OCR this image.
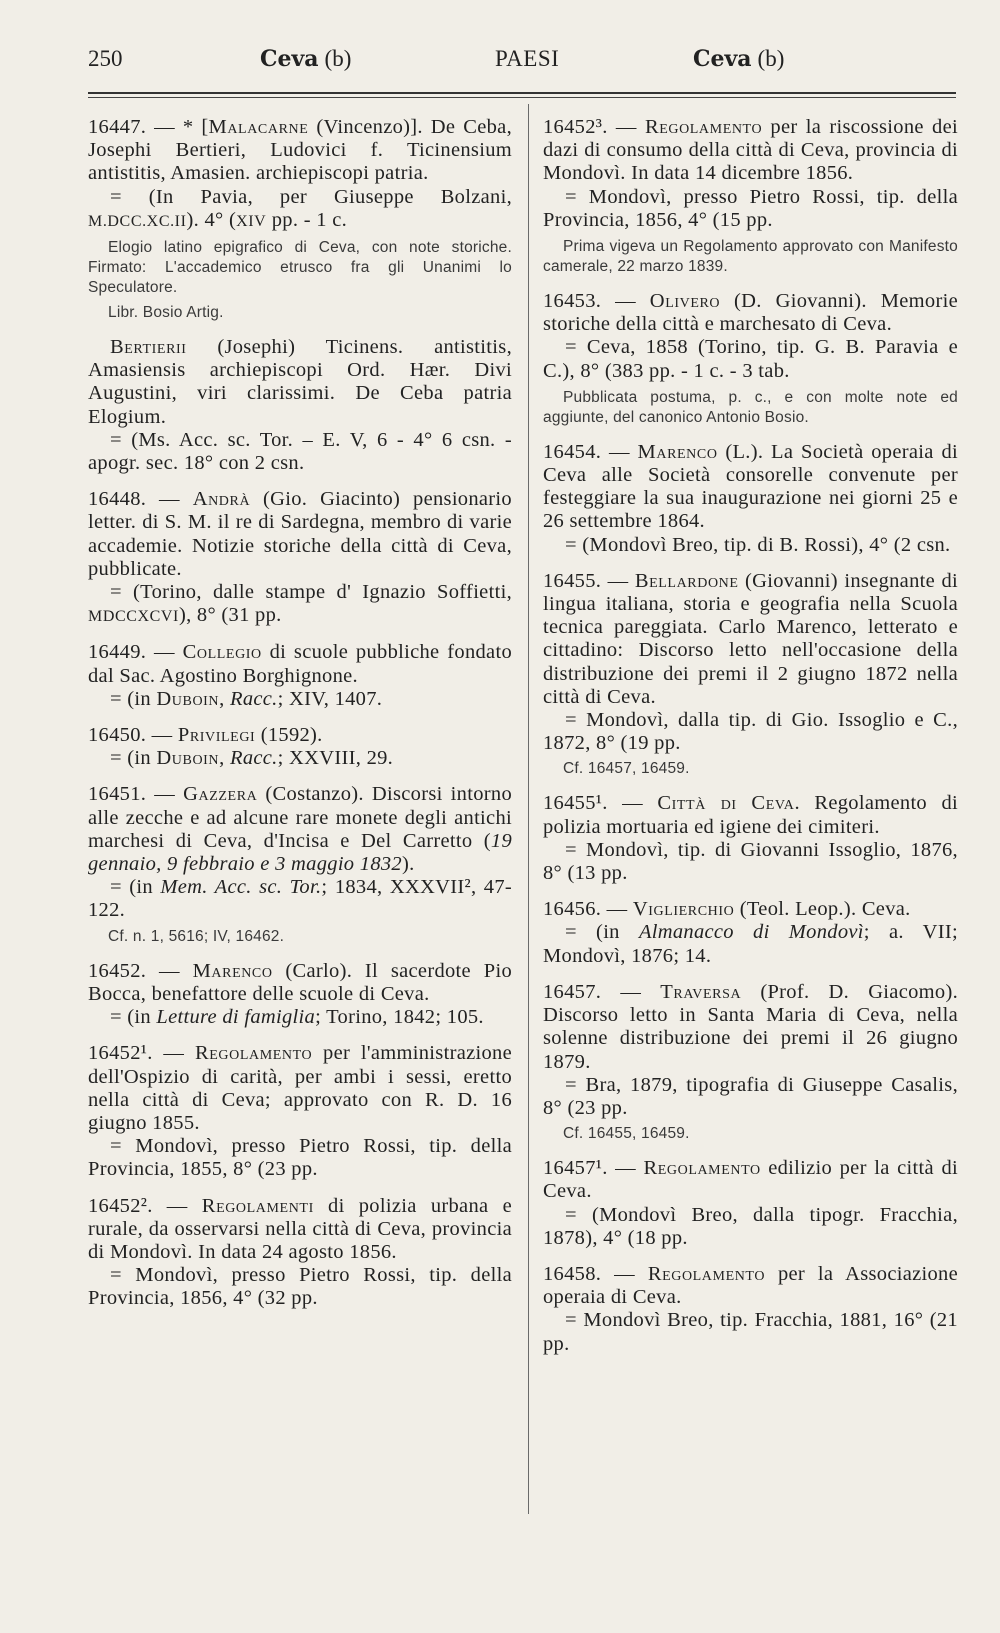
250	Ceva (b)	PAESI	Ceva (b)

16447. — * [Malacarne (Vincenzo)]. De Ceba, Josephi Bertieri, Ludovici f. Ticinensium antistitis, Amasien. archiepiscopi patria.

= (In Pavia, per Giuseppe Bolzani, M.DCC.XC.II). 4° (XIV pp. - 1 c.

Elogio latino epigrafico di Ceva, con note storiche. Firmato: L'accademico etrusco fra gli Unanimi lo Speculatore.

Libr. Bosio Artig.

Bertierii (Josephi) Ticinens. antistitis, Amasiensis archiepiscopi Ord. Hær. Divi Augustini, viri clarissimi. De Ceba patria Elogium.

= (Ms. Acc. sc. Tor. – E. V, 6 - 4° 6 csn. - apogr. sec. 18° con 2 csn.

16448. — Andrà (Gio. Giacinto) pensionario letter. di S. M. il re di Sardegna, membro di varie accademie. Notizie storiche della città di Ceva, pubblicate.

= (Torino, dalle stampe d' Ignazio Soffietti, MDCCXCVI), 8° (31 pp.

16449. — Collegio di scuole pubbliche fondato dal Sac. Agostino Borghignone.

= (in Duboin, Racc.; XIV, 1407.

16450. — Privilegi (1592).

= (in Duboin, Racc.; XXVIII, 29.

16451. — Gazzera (Costanzo). Discorsi intorno alle zecche e ad alcune rare monete degli antichi marchesi di Ceva, d'Incisa e Del Carretto (19 gennaio, 9 febbraio e 3 maggio 1832).

= (in Mem. Acc. sc. Tor.; 1834, XXXVII², 47-122.

Cf. n. 1, 5616; IV, 16462.

16452. — Marenco (Carlo). Il sacerdote Pio Bocca, benefattore delle scuole di Ceva.

= (in Letture di famiglia; Torino, 1842; 105.

16452¹. — Regolamento per l'amministrazione dell'Ospizio di carità, per ambi i sessi, eretto nella città di Ceva; approvato con R. D. 16 giugno 1855.

= Mondovì, presso Pietro Rossi, tip. della Provincia, 1855, 8° (23 pp.

16452². — Regolamenti di polizia urbana e rurale, da osservarsi nella città di Ceva, provincia di Mondovì. In data 24 agosto 1856.

= Mondovì, presso Pietro Rossi, tip. della Provincia, 1856, 4° (32 pp.

16452³. — Regolamento per la riscossione dei dazi di consumo della città di Ceva, provincia di Mondovì. In data 14 dicembre 1856.

= Mondovì, presso Pietro Rossi, tip. della Provincia, 1856, 4° (15 pp.

Prima vigeva un Regolamento approvato con Manifesto camerale, 22 marzo 1839.

16453. — Olivero (D. Giovanni). Memorie storiche della città e marchesato di Ceva.

= Ceva, 1858 (Torino, tip. G. B. Paravia e C.), 8° (383 pp. - 1 c. - 3 tab.

Pubblicata postuma, p. c., e con molte note ed aggiunte, del canonico Antonio Bosio.

16454. — Marenco (L.). La Società operaia di Ceva alle Società consorelle convenute per festeggiare la sua inaugurazione nei giorni 25 e 26 settembre 1864.

= (Mondovì Breo, tip. di B. Rossi), 4° (2 csn.

16455. — Bellardone (Giovanni) insegnante di lingua italiana, storia e geografia nella Scuola tecnica pareggiata. Carlo Marenco, letterato e cittadino: Discorso letto nell'occasione della distribuzione dei premi il 2 giugno 1872 nella città di Ceva.

= Mondovì, dalla tip. di Gio. Issoglio e C., 1872, 8° (19 pp.

Cf. 16457, 16459.

16455¹. — Città di Ceva. Regolamento di polizia mortuaria ed igiene dei cimiteri.

= Mondovì, tip. di Giovanni Issoglio, 1876, 8° (13 pp.

16456. — Viglierchio (Teol. Leop.). Ceva.

= (in Almanacco di Mondovì; a. VII; Mondovì, 1876; 14.

16457. — Traversa (Prof. D. Giacomo). Discorso letto in Santa Maria di Ceva, nella solenne distribuzione dei premi il 26 giugno 1879.

= Bra, 1879, tipografia di Giuseppe Casalis, 8° (23 pp.

Cf. 16455, 16459.

16457¹. — Regolamento edilizio per la città di Ceva.

= (Mondovì Breo, dalla tipogr. Fracchia, 1878), 4° (18 pp.

16458. — Regolamento per la Associazione operaia di Ceva.

= Mondovì Breo, tip. Fracchia, 1881, 16° (21 pp.
